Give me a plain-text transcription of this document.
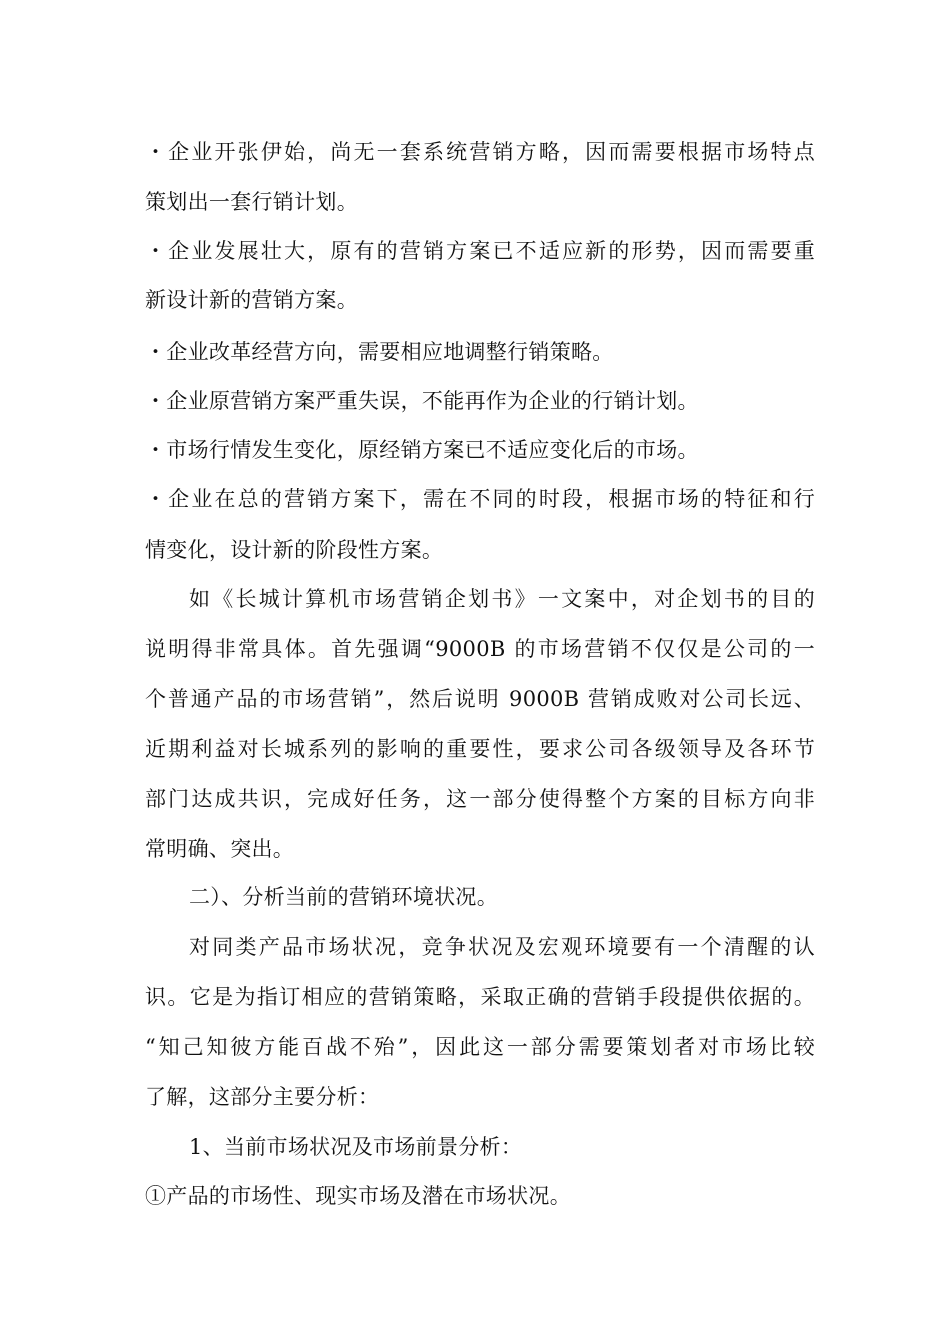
・企业开张伊始，尚无一套系统营销方略，因而需要根据市场特点
策划出一套行销计划。
・企业发展壮大，原有的营销方案已不适应新的形势，因而需要重
新设计新的营销方案。
・企业改革经营方向，需要相应地调整行销策略。
・企业原营销方案严重失误，不能再作为企业的行销计划。
・市场行情发生变化，原经销方案已不适应变化后的市场。
・企业在总的营销方案下，需在不同的时段，根据市场的特征和行
情变化，设计新的阶段性方案。
如《长城计算机市场营销企划书》一文案中，对企划书的目的
说明得非常具体。首先强调“9000B 的市场营销不仅仅是公司的一
个普通产品的市场营销”，然后说明 9000B 营销成败对公司长远、
近期利益对长城系列的影响的重要性，要求公司各级领导及各环节
部门达成共识，完成好任务，这一部分使得整个方案的目标方向非
常明确、突出。
二）、分析当前的营销环境状况。
对同类产品市场状况，竞争状况及宏观环境要有一个清醒的认
识。它是为指订相应的营销策略，采取正确的营销手段提供依据的。
“知己知彼方能百战不殆”，因此这一部分需要策划者对市场比较
了解，这部分主要分析：
1、当前市场状况及市场前景分析：
①产品的市场性、现实市场及潜在市场状况。
